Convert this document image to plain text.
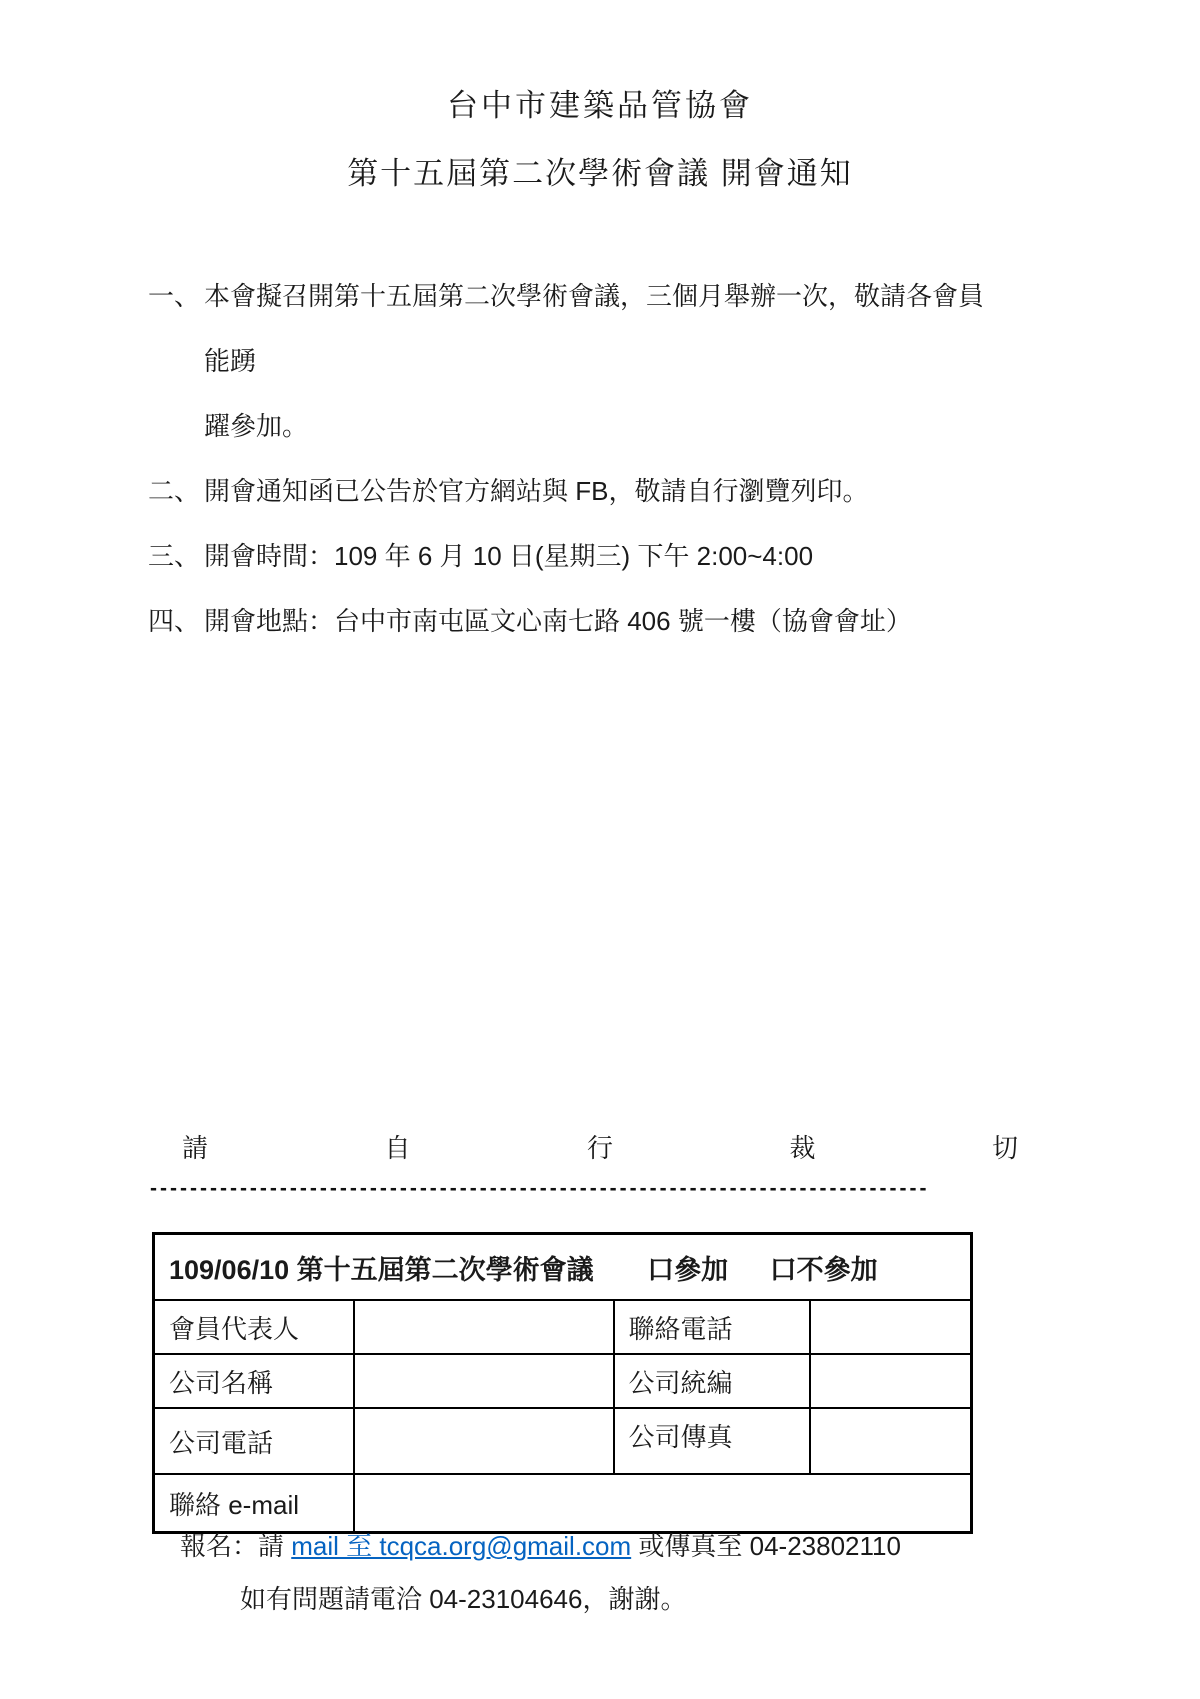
台中市建築品管協會
第十五屆第二次學術會議 開會通知
一、 本會擬召開第十五屆第二次學術會議，三個月舉辦一次，敬請各會員能踴
躍參加。
二、 開會通知函已公告於官方網站與 FB，敬請自行瀏覽列印。
三、 開會時間：109 年 6 月 10 日(星期三) 下午 2:00~4:00
四、 開會地點：台中市南屯區文心南七路 406 號一樓（協會會址）
請	自	行	裁	切
------------------------------------------------------------------------------
109/06/10 第十五屆第二次學術會議 口參加 口不參加			
會員代表人		聯絡電話	
公司名稱		公司統編	
公司電話		公司傳真	
聯絡 e-mail			
報名：請 mail 至 tcqca.org@gmail.com 或傳真至 04-23802110
如有問題請電洽 04-23104646，謝謝。
